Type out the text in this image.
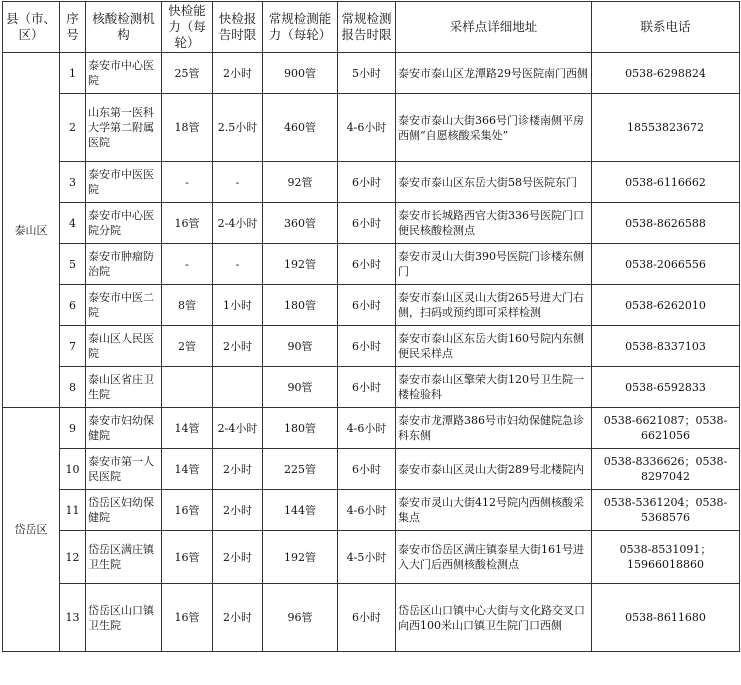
县（市、区）	序号	核酸检测机构	快检能力（每轮）	快检报告时限	常规检测能力（每轮）	常规检测报告时限	采样点详细地址	联系电话
泰山区	1	泰安市中心医院	25管	2小时	900管	5小时	泰安市泰山区龙潭路29号医院南门西侧	0538-6298824
	2	山东第一医科大学第二附属医院	18管	2.5小时	460管	4-6小时	泰安市泰山大街366号门诊楼南侧平房西侧“自愿核酸采集处”	18553823672
	3	泰安市中医医院	-	-	92管	6小时	泰安市泰山区东岳大街58号医院东门	0538-6116662
	4	泰安市中心医院分院	16管	2-4小时	360管	6小时	泰安市长城路西官大街336号医院门口便民核酸检测点	0538-8626588
	5	泰安市肿瘤防治院	-	-	192管	6小时	泰安市灵山大街390号医院门诊楼东侧门	0538-2066556
	6	泰安市中医二院	8管	1小时	180管	6小时	泰安市泰山区灵山大街265号进大门右侧，扫码或预约即可采样检测	0538-6262010
	7	泰山区人民医院	2管	2小时	90管	6小时	泰安市泰山区东岳大街160号院内东侧便民采样点	0538-8337103
	8	泰山区省庄卫生院			90管	6小时	泰安市泰山区擎荣大街120号卫生院一楼检验科	0538-6592833
岱岳区	9	泰安市妇幼保健院	14管	2-4小时	180管	4-6小时	泰安市龙潭路386号市妇幼保健院急诊科东侧	0538-6621087；0538-6621056
	10	泰安市第一人民医院	14管	2小时	225管	6小时	泰安市泰山区灵山大街289号北楼院内	0538-8336626；0538-8297042
	11	岱岳区妇幼保健院	16管	2小时	144管	4-6小时	泰安市灵山大街412号院内西侧核酸采集点	0538-5361204；0538-5368576
	12	岱岳区满庄镇卫生院	16管	2小时	192管	4-5小时	泰安市岱岳区满庄镇泰星大街161号进入大门后西侧核酸检测点	0538-8531091；15966018860
	13	岱岳区山口镇卫生院	16管	2小时	96管	6小时	岱岳区山口镇中心大街与文化路交叉口向西100米山口镇卫生院门口西侧	0538-8611680
